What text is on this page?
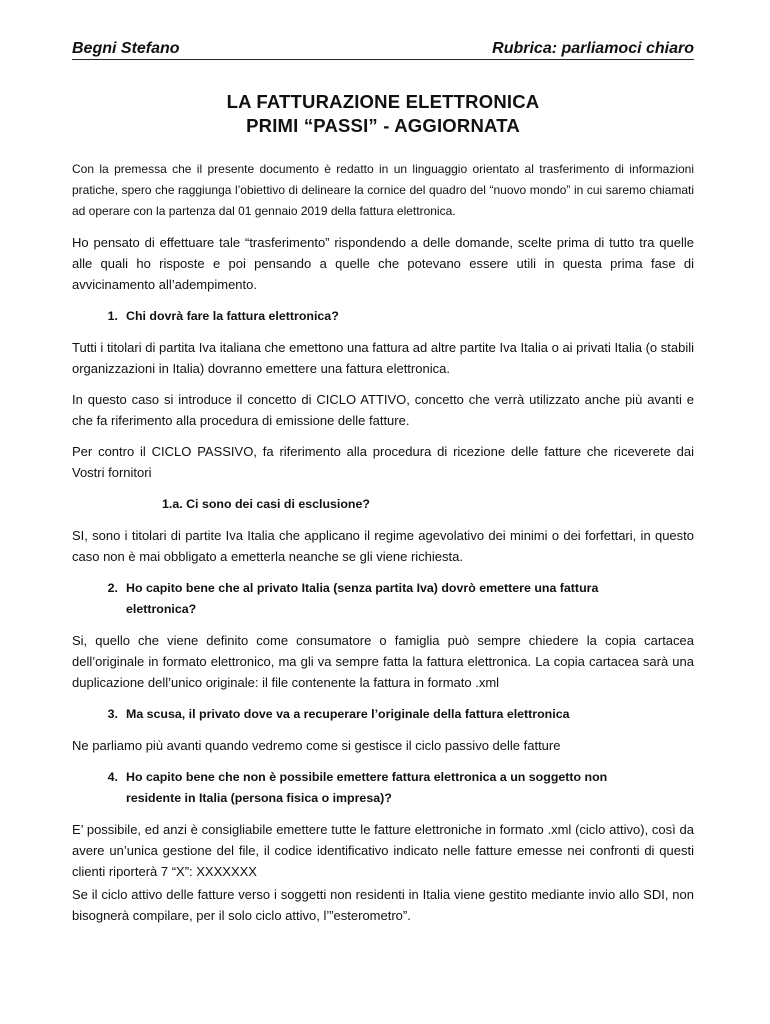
Begni Stefano	Rubrica: parliamoci chiaro
LA FATTURAZIONE ELETTRONICA
PRIMI “PASSI” - AGGIORNATA

Con la premessa che il presente documento è redatto in un linguaggio orientato al trasferimento di informazioni pratiche, spero che raggiunga l’obiettivo di delineare la cornice del quadro del “nuovo mondo” in cui saremo chiamati ad operare con la partenza dal 01 gennaio 2019 della fattura elettronica.

Ho pensato di effettuare tale “trasferimento” rispondendo a delle domande, scelte prima di tutto tra quelle alle quali ho risposte e poi pensando a quelle che potevano essere utili in questa prima fase di avvicinamento all’adempimento.

1. Chi dovrà fare la fattura elettronica?

Tutti i titolari di partita Iva italiana che emettono una fattura ad altre partite Iva Italia o ai privati Italia (o stabili organizzazioni in Italia) dovranno emettere una fattura elettronica.

In questo caso si introduce il concetto di CICLO ATTIVO, concetto che verrà utilizzato anche più avanti e che fa riferimento alla procedura di emissione delle fatture.

Per contro il CICLO PASSIVO, fa riferimento alla procedura di ricezione delle fatture che riceverete dai Vostri fornitori

1.a. Ci sono dei casi di esclusione?

SI, sono i titolari di partite Iva Italia che applicano il regime agevolativo dei minimi o dei forfettari, in questo caso non è mai obbligato a emetterla neanche se gli viene richiesta.

2. Ho capito bene che al privato Italia (senza partita Iva) dovrò emettere una fattura elettronica?

Si, quello che viene definito come consumatore o famiglia può sempre chiedere la copia cartacea dell’originale in formato elettronico, ma gli va sempre fatta la fattura elettronica. La copia cartacea sarà una duplicazione dell’unico originale: il file contenente la fattura in formato .xml

3. Ma scusa, il privato dove va a recuperare l’originale della fattura elettronica

Ne parliamo più avanti quando vedremo come si gestisce il ciclo passivo delle fatture

4. Ho capito bene che non è possibile emettere fattura elettronica a un soggetto non residente in Italia (persona fisica o impresa)?

E’ possibile, ed anzi è consigliabile emettere tutte le fatture elettroniche in formato .xml (ciclo attivo), così da avere un’unica gestione del file, il codice identificativo indicato nelle fatture emesse nei confronti di questi clienti riporterà 7 “X”: XXXXXXX

Se il ciclo attivo delle fatture verso i soggetti non residenti in Italia viene gestito mediante invio allo SDI, non bisognerà compilare, per il solo ciclo attivo, l’”esterometro”.
